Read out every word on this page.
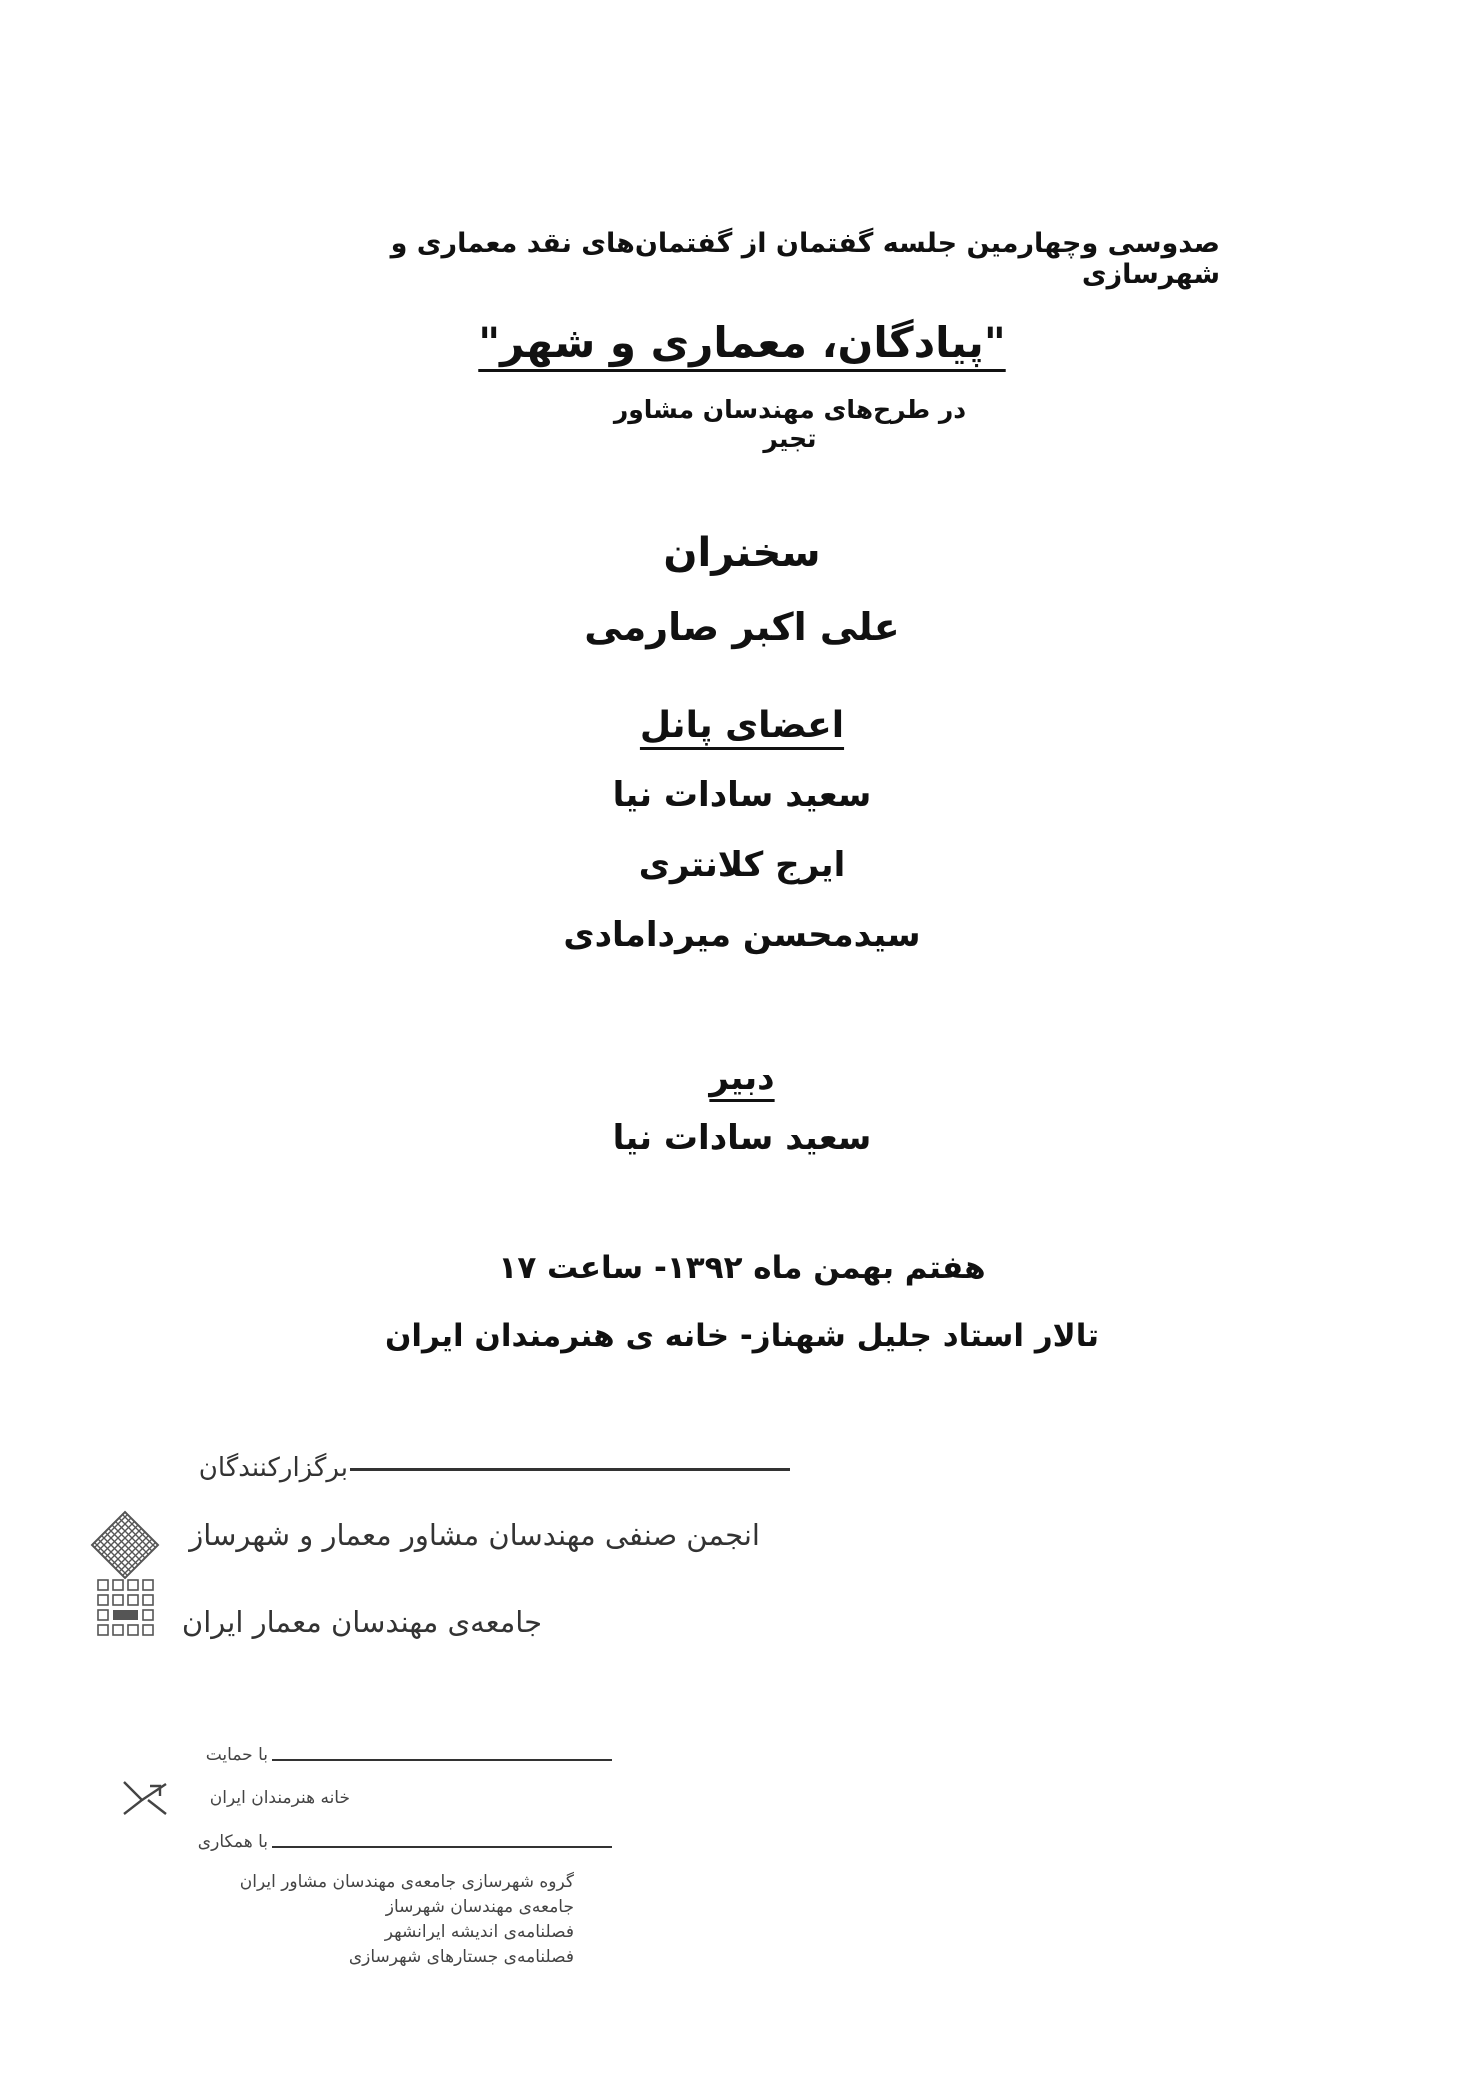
صدوسی وچهارمین جلسه گفتمان از گفتمان‌های نقد معماری و شهرسازی
"پیادگان، معماری و شهر"
در طرح‌های مهندسان مشاور تجیر
سخنران
علی اکبر صارمی
اعضای پانل
سعید سادات نیا
ایرج کلانتری
سیدمحسن میردامادی
دبیر
سعید سادات نیا
هفتم بهمن ماه ۱۳۹۲- ساعت ۱۷
تالار استاد جلیل شهناز- خانه ی هنرمندان ایران
برگزارکنندگان
انجمن صنفی مهندسان مشاور معمار و شهرساز
جامعه‌ی مهندسان معمار ایران
با حمایت
خانه هنرمندان ایران
با همکاری
گروه شهرسازی جامعه‌ی مهندسان مشاور ایران
جامعه‌ی مهندسان شهرساز
فصلنامه‌ی اندیشه ایرانشهر
فصلنامه‌ی جستارهای شهرسازی
